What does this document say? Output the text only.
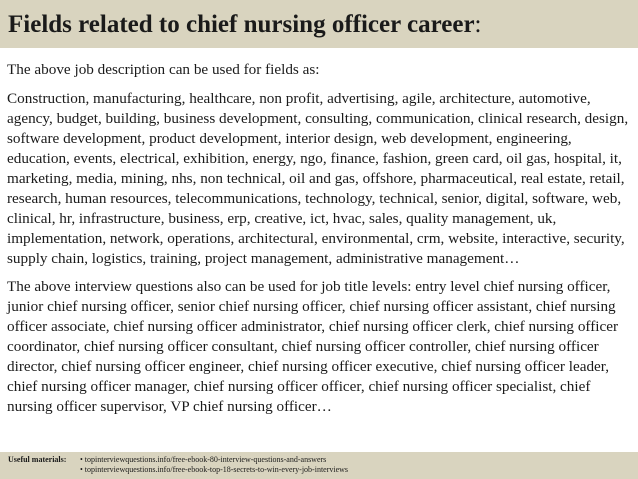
Fields related to chief nursing officer career:

The above job description can be used for fields as:

Construction, manufacturing, healthcare, non profit, advertising, agile, architecture, automotive, agency, budget, building, business development, consulting, communication, clinical research, design, software development, product development, interior design, web development, engineering, education, events, electrical, exhibition, energy, ngo, finance, fashion, green card, oil gas, hospital, it, marketing, media, mining, nhs, non technical, oil and gas, offshore, pharmaceutical, real estate, retail, research, human resources, telecommunications, technology, technical, senior, digital, software, web, clinical, hr, infrastructure, business, erp, creative, ict, hvac, sales, quality management, uk, implementation, network, operations, architectural, environmental, crm, website, interactive, security, supply chain, logistics, training, project management, administrative management…

The above interview questions also can be used for job title levels: entry level chief nursing officer, junior chief nursing officer, senior chief nursing officer, chief nursing officer assistant, chief nursing officer associate, chief nursing officer administrator, chief nursing officer clerk, chief nursing officer coordinator, chief nursing officer consultant, chief nursing officer controller, chief nursing officer director, chief nursing officer engineer, chief nursing officer executive, chief nursing officer leader, chief nursing officer manager, chief nursing officer officer, chief nursing officer specialist, chief nursing officer supervisor, VP chief nursing officer…

Useful materials:	• topinterviewquestions.info/free-ebook-80-interview-questions-and-answers
• topinterviewquestions.info/free-ebook-top-18-secrets-to-win-every-job-interviews
